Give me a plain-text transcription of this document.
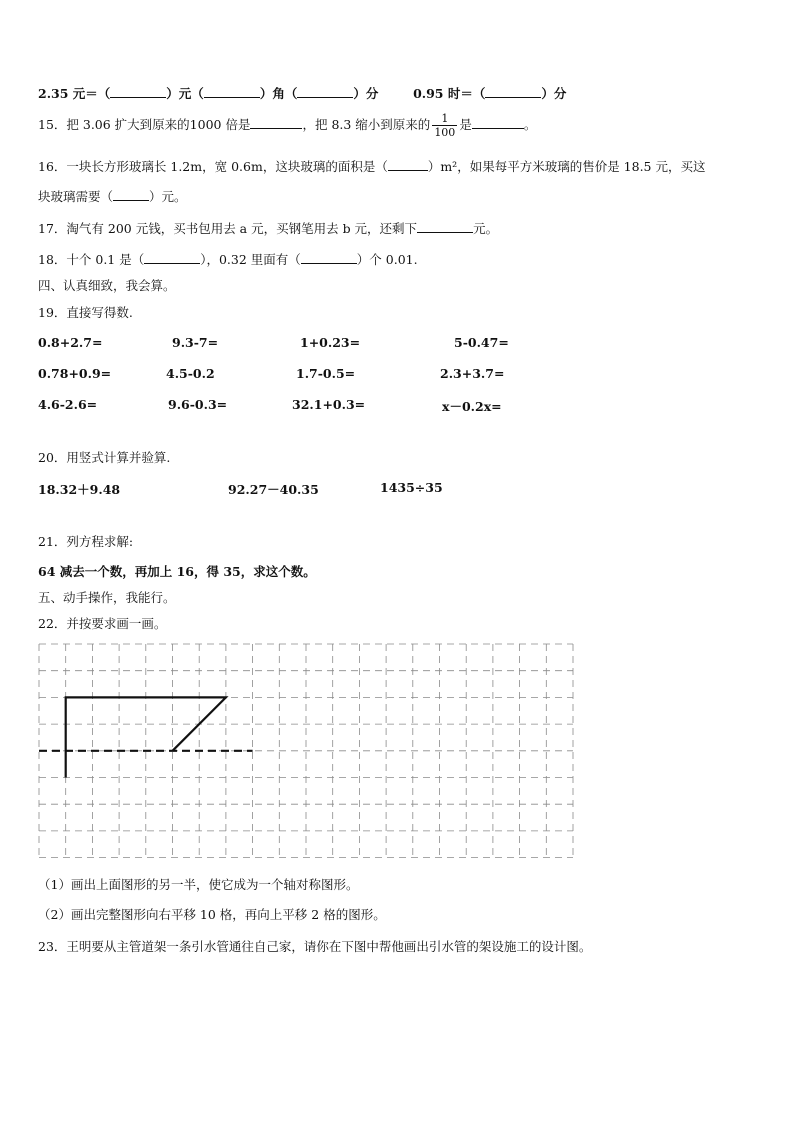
2.35 元＝（	）元（	）角（	）分	0.95 时＝（	）分
15．把 3.06 扩大到原来的1000 倍是	，把 8.3 缩小到原来的 $\frac{1}{100}$ 是	。
16．一块长方形玻璃长 1.2m，宽 0.6m，这块玻璃的面积是（	）m²，如果每平方米玻璃的售价是 18.5 元，买这
块玻璃需要（	）元。
17．淘气有 200 元钱，买书包用去 a 元，买钢笔用去 b 元，还剩下	元。
18．十个 0.1 是（	），0.32 里面有（	）个 0.01.
四、认真细致，我会算。
19．直接写得数.
0.8+2.7=	9.3-7=	1+0.23=	5-0.47=
0.78+0.9=	4.5-0.2	1.7-0.5=	2.3+3.7=
4.6-2.6=	9.6-0.3=	32.1+0.3=	x－0.2x=
20．用竖式计算并验算.
18.32＋9.48	92.27－40.35	1435÷35
21．列方程求解:
64 减去一个数，再加上 16，得 35，求这个数。
五、动手操作，我能行。
22．并按要求画一画。
（1）画出上面图形的另一半，使它成为一个轴对称图形。
（2）画出完整图形向右平移 10 格，再向上平移 2 格的图形。
23．王明要从主管道架一条引水管通往自己家，请你在下图中帮他画出引水管的架设施工的设计图。
